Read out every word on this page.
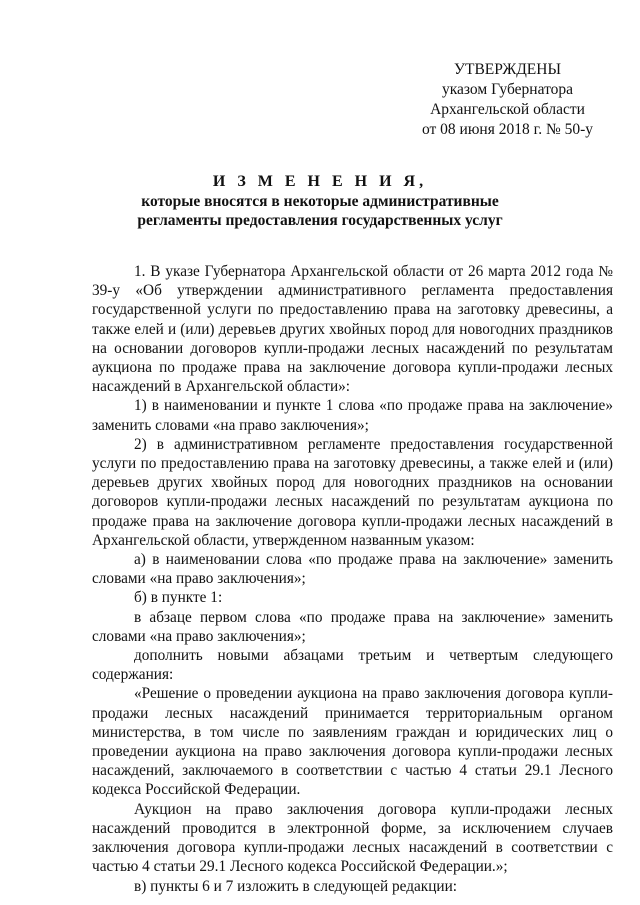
УТВЕРЖДЕНЫ
указом Губернатора
Архангельской области
от 08 июня 2018 г. № 50-у
И З М Е Н Е Н И Я,
которые вносятся в некоторые административные
регламенты предоставления государственных услуг

1. В указе Губернатора Архангельской области от 26 марта 2012 года № 39-у «Об утверждении административного регламента предоставления государственной услуги по предоставлению права на заготовку древесины, а также елей и (или) деревьев других хвойных пород для новогодних праздников на основании договоров купли-продажи лесных насаждений по результатам аукциона по продаже права на заключение договора купли-продажи лесных насаждений в Архангельской области»:

1) в наименовании и пункте 1 слова «по продаже права на заключение» заменить словами «на право заключения»;

2) в административном регламенте предоставления государственной услуги по предоставлению права на заготовку древесины, а также елей и (или) деревьев других хвойных пород для новогодних праздников на основании договоров купли-продажи лесных насаждений по результатам аукциона по продаже права на заключение договора купли-продажи лесных насаждений в Архангельской области, утвержденном названным указом:

а) в наименовании слова «по продаже права на заключение» заменить словами «на право заключения»;

б) в пункте 1:

в абзаце первом слова «по продаже права на заключение» заменить словами «на право заключения»;

дополнить новыми абзацами третьим и четвертым следующего содержания:

«Решение о проведении аукциона на право заключения договора купли-продажи лесных насаждений принимается территориальным органом министерства, в том числе по заявлениям граждан и юридических лиц о проведении аукциона на право заключения договора купли-продажи лесных насаждений, заключаемого в соответствии с частью 4 статьи 29.1 Лесного кодекса Российской Федерации.

Аукцион на право заключения договора купли-продажи лесных насаждений проводится в электронной форме, за исключением случаев заключения договора купли-продажи лесных насаждений в соответствии с частью 4 статьи 29.1 Лесного кодекса Российской Федерации.»;

в) пункты 6 и 7 изложить в следующей редакции:
